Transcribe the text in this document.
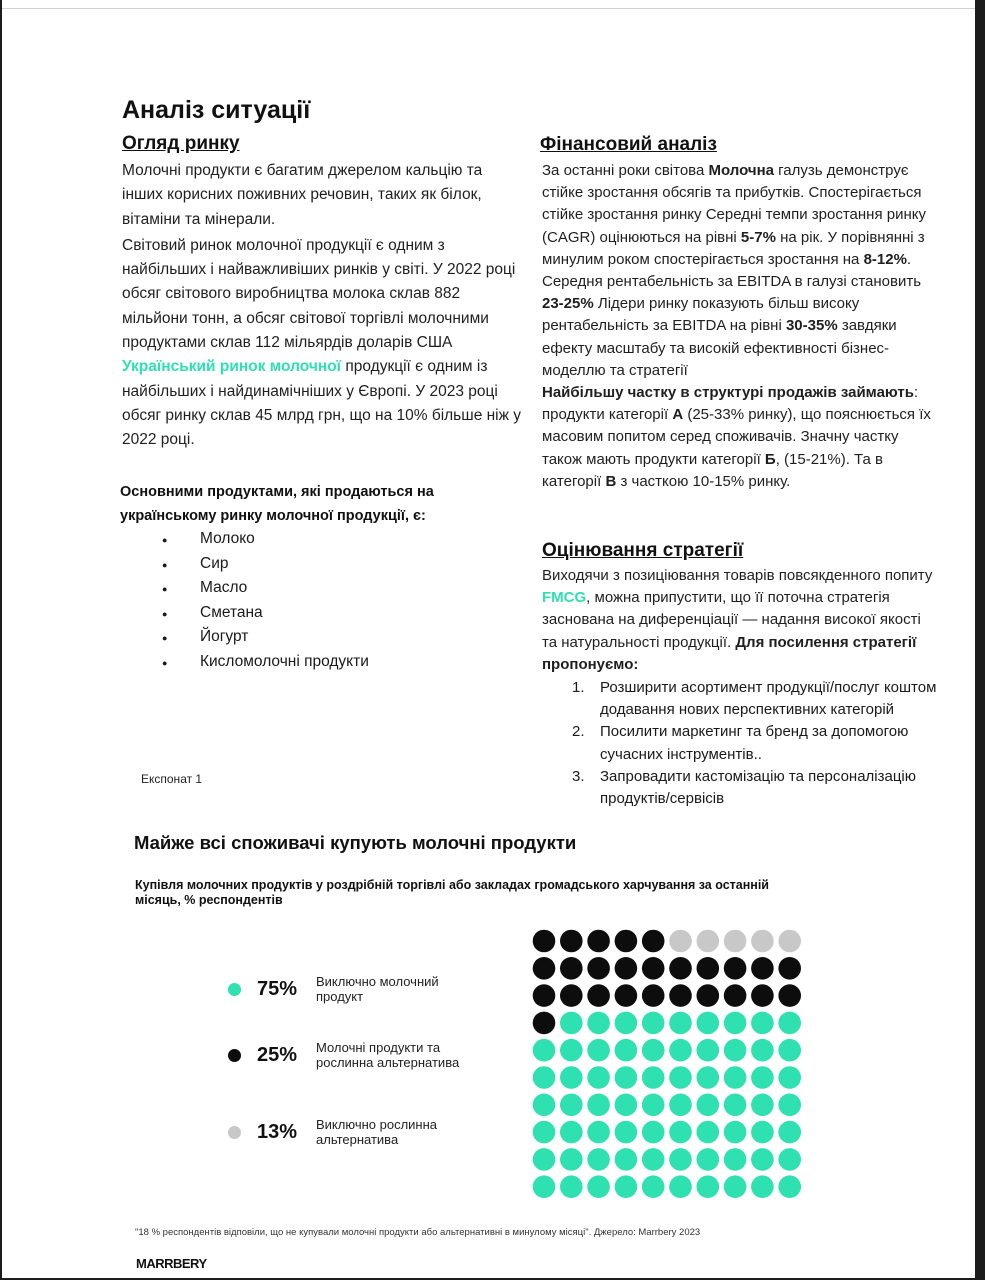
Аналіз ситуації
Огляд ринку

Молочні продукти є багатим джерелом кальцію та інших корисних поживних речовин, таких як білок, вітаміни та мінерали.

Світовий ринок молочної продукції є одним з найбільших і найважливіших ринків у світі. У 2022 році обсяг світового виробництва молока склав 882 мільйони тонн, а обсяг світової торгівлі молочними продуктами склав 112 мільярдів доларів США

Український ринок молочної продукції є одним із найбільших і найдинамічніших у Європі. У 2023 році обсяг ринку склав 45 млрд грн, що на 10% більше ніж у 2022 році.

Основними продуктами, які продаються на українському ринку молочної продукції, є:
● Молоко
● Сир
● Масло
● Сметана
● Йогурт
● Кисломолочні продукти
Фінансовий аналіз

За останні роки світова Молочна галузь демонструє стійке зростання обсягів та прибутків. Спостерігається стійке зростання ринку Середні темпи зростання ринку (CAGR) оцінюються на рівні 5-7% на рік. У порівнянні з минулим роком спостерігається зростання на 8-12%. Середня рентабельність за EBITDA в галузі становить 23-25% Лідери ринку показують більш високу рентабельність за EBITDA на рівні 30-35% завдяки ефекту масштабу та високій ефективності бізнес-моделлю та стратегії

Найбільшу частку в структурі продажів займають: продукти категорії А (25-33% ринку), що пояснюється їх масовим попитом серед споживачів. Значну частку також мають продукти категорії Б, (15-21%). Та в категорії В з часткою 10-15% ринку.

Оцінювання стратегії

Виходячи з позиціювання товарів повсякденного попиту FMCG, можна припустити, що її поточна стратегія заснована на диференціації — надання високої якості та натуральності продукції. Для посилення стратегії пропонуємо:

1. Розширити асортимент продукції/послуг коштом додавання нових перспективних категорій
2. Посилити маркетинг та бренд за допомогою сучасних інструментів..
3. Запровадити кастомізацію та персоналізацію продуктів/сервісів
Експонат 1
Майже всі споживачі купують молочні продукти
Купівля молочних продуктів у роздрібній торгівлі або закладах громадського харчування за останній місяць, % респондентів
75%	Виключно молочний продукт
25%	Молочні продукти та рослинна альтернатива
13%	Виключно рослинна альтернатива
"18 % респондентів відповіли, що не купували молочні продукти або альтернативні в минулому місяці". Джерело: Marrbery 2023
MARRBERY
